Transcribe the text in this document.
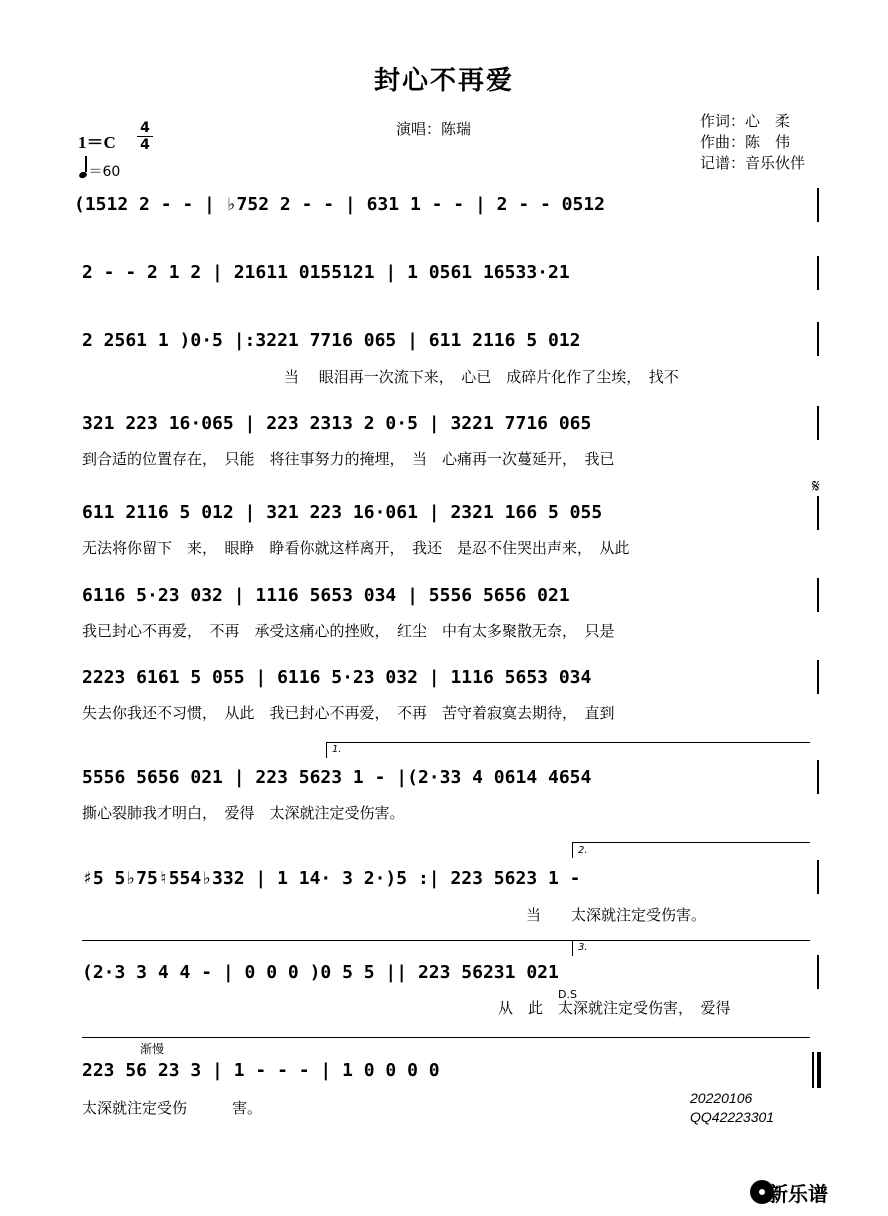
封心不再爱
演唱：陈瑞	作词：心　柔
作曲：陈　伟
记谱：音乐伙伴
1＝C
4
4
＝60
(1512 2 - - | ♭752 2 - - | 631 1 - - | 2 - - 0512
2 - - 2 1 2 | 21611 0155121 | 1 0561 16533·21
2 2561 1 )0·5 |:3221 7716 065 | 611 2116 5 012
当　 眼泪再一次流下来，　心已　成碎片化作了尘埃，　找不
321 223 16·065 | 223 2313 2 0·5 | 3221 7716 065
到合适的位置存在，　只能　将往事努力的掩埋，　当　心痛再一次蔓延开，　我已
611 2116 5 012 | 321 223 16·061 | 2321 166 5 055
无法将你留下　来，　眼睁　睁看你就这样离开，　我还　是忍不住哭出声来，　从此
6116 5·23 032 | 1116 5653 034 | 5556 5656 021
我已封心不再爱，　不再　承受这痛心的挫败，　红尘　中有太多聚散无奈，　只是
2223 6161 5 055 | 6116 5·23 032 | 1116 5653 034
失去你我还不习惯，　从此　我已封心不再爱，　不再　苦守着寂寞去期待，　直到
5556 5656 021 | 223 5623 1 - |(2·33 4 0614 4654
撕心裂肺我才明白，　爱得　太深就注定受伤害。
♯5 5♭75♮554♭332 | 1 14· 3 2·)5 :| 223 5623 1 -
当　　太深就注定受伤害。
(2·3 3 4 4 - | 0 0 0 )0 5 5 || 223 56231 021
从　此　太深就注定受伤害，　爱得
223 56 23 3 | 1 - - - | 1 0 0 0 0
太深就注定受伤　　　害。
1.
2.
3.
𝄋
D.S
渐慢
20220106
QQ42223301
新乐谱
